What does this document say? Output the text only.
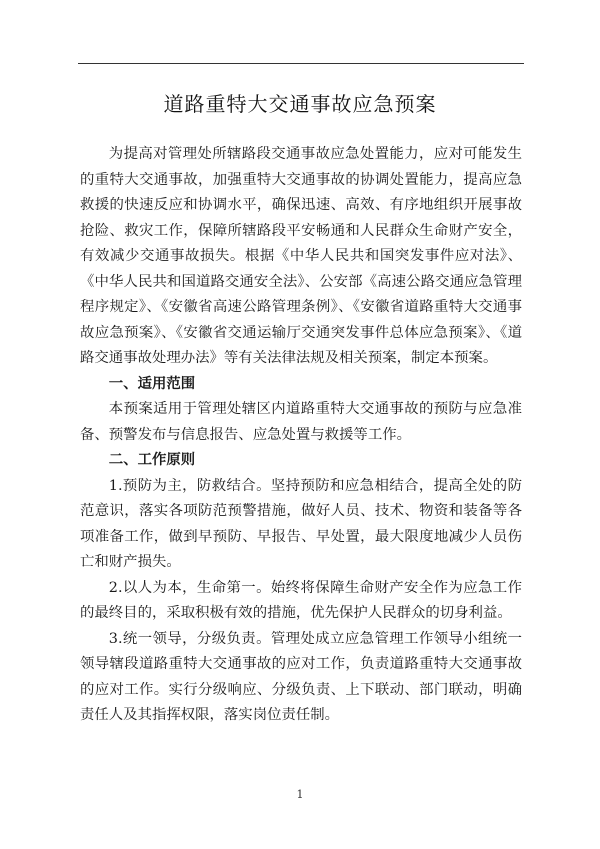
道路重特大交通事故应急预案

为提高对管理处所辖路段交通事故应急处置能力，应对可能发生的重特大交通事故，加强重特大交通事故的协调处置能力，提高应急救援的快速反应和协调水平，确保迅速、高效、有序地组织开展事故抢险、救灾工作，保障所辖路段平安畅通和人民群众生命财产安全，有效减少交通事故损失。根据《中华人民共和国突发事件应对法》、《中华人民共和国道路交通安全法》、公安部《高速公路交通应急管理程序规定》、《安徽省高速公路管理条例》、《安徽省道路重特大交通事故应急预案》、《安徽省交通运输厅交通突发事件总体应急预案》、《道路交通事故处理办法》等有关法律法规及相关预案，制定本预案。

一、适用范围

本预案适用于管理处辖区内道路重特大交通事故的预防与应急准备、预警发布与信息报告、应急处置与救援等工作。

二、工作原则

1.预防为主，防救结合。坚持预防和应急相结合，提高全处的防范意识，落实各项防范预警措施，做好人员、技术、物资和装备等各项准备工作，做到早预防、早报告、早处置，最大限度地减少人员伤亡和财产损失。

2.以人为本，生命第一。始终将保障生命财产安全作为应急工作的最终目的，采取积极有效的措施，优先保护人民群众的切身利益。

3.统一领导，分级负责。管理处成立应急管理工作领导小组统一领导辖段道路重特大交通事故的应对工作，负责道路重特大交通事故的应对工作。实行分级响应、分级负责、上下联动、部门联动，明确责任人及其指挥权限，落实岗位责任制。

1
